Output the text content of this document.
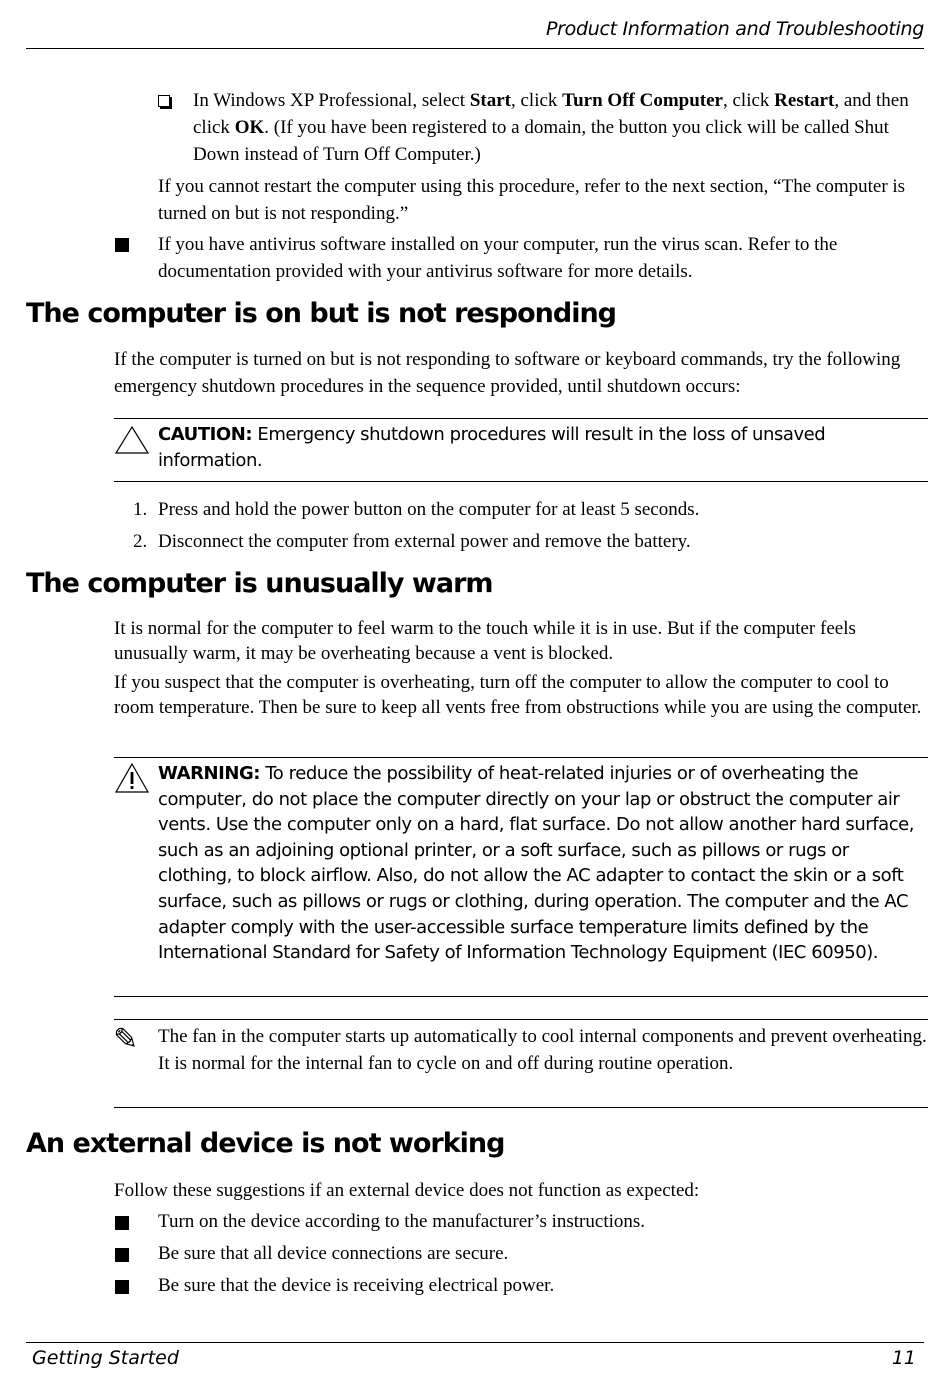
Product Information and Troubleshooting
In Windows XP Professional, select Start, click Turn Off Computer, click Restart, and then click OK. (If you have been registered to a domain, the button you click will be called Shut Down instead of Turn Off Computer.)
If you cannot restart the computer using this procedure, refer to the next section, “The computer is turned on but is not responding.”
If you have antivirus software installed on your computer, run the virus scan. Refer to the documentation provided with your antivirus software for more details.
The computer is on but is not responding
If the computer is turned on but is not responding to software or keyboard commands, try the following emergency shutdown procedures in the sequence provided, until shutdown occurs:
CAUTION: Emergency shutdown procedures will result in the loss of unsaved information.
1. Press and hold the power button on the computer for at least 5 seconds.
2. Disconnect the computer from external power and remove the battery.
The computer is unusually warm
It is normal for the computer to feel warm to the touch while it is in use. But if the computer feels unusually warm, it may be overheating because a vent is blocked.
If you suspect that the computer is overheating, turn off the computer to allow the computer to cool to room temperature. Then be sure to keep all vents free from obstructions while you are using the computer.
WARNING: To reduce the possibility of heat-related injuries or of overheating the computer, do not place the computer directly on your lap or obstruct the computer air vents. Use the computer only on a hard, flat surface. Do not allow another hard surface, such as an adjoining optional printer, or a soft surface, such as pillows or rugs or clothing, to block airflow. Also, do not allow the AC adapter to contact the skin or a soft surface, such as pillows or rugs or clothing, during operation. The computer and the AC adapter comply with the user-accessible surface temperature limits defined by the International Standard for Safety of Information Technology Equipment (IEC 60950).
✎ The fan in the computer starts up automatically to cool internal components and prevent overheating. It is normal for the internal fan to cycle on and off during routine operation.
An external device is not working
Follow these suggestions if an external device does not function as expected:
Turn on the device according to the manufacturer’s instructions.
Be sure that all device connections are secure.
Be sure that the device is receiving electrical power.
Getting Started	11
